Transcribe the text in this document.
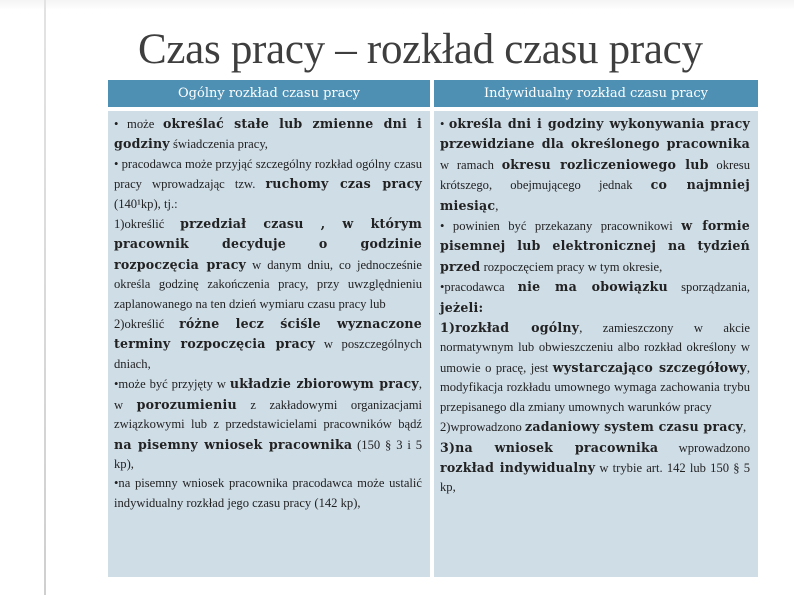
Czas pracy – rozkład czasu pracy
Ogólny rozkład czasu pracy	Indywidualny rozkład czasu pracy

• może określać stałe lub zmienne dni i godziny świadczenia pracy,

• pracodawca może przyjąć szczególny rozkład ogólny czasu pracy wprowadzając tzw. ruchomy czas pracy (140¹kp), tj.:

1)określić przedział czasu , w którym pracownik decyduje o godzinie rozpoczęcia pracy w danym dniu, co jednocześnie określa godzinę zakończenia pracy, przy uwzględnieniu zaplanowanego na ten dzień wymiaru czasu pracy lub

2)określić różne lecz ściśle wyznaczone terminy rozpoczęcia pracy w poszczególnych dniach,

•może być przyjęty w układzie zbiorowym pracy, w porozumieniu z zakładowymi organizacjami związkowymi lub z przedstawicielami pracowników bądź na pisemny wniosek pracownika (150 § 3 i 5 kp),

•na pisemny wniosek pracownika pracodawca może ustalić indywidualny rozkład jego czasu pracy (142 kp),

• określa dni i godziny wykonywania pracy przewidziane dla określonego pracownika w ramach okresu rozliczeniowego lub okresu krótszego, obejmującego jednak co najmniej miesiąc,

• powinien być przekazany pracownikowi w formie pisemnej lub elektronicznej na tydzień przed rozpoczęciem pracy w tym okresie,

•pracodawca nie ma obowiązku sporządzania, jeżeli:

1)rozkład ogólny, zamieszczony w akcie normatywnym lub obwieszczeniu albo rozkład określony w umowie o pracę, jest wystarczająco szczegółowy, modyfikacja rozkładu umownego wymaga zachowania trybu przepisanego dla zmiany umownych warunków pracy

2)wprowadzono zadaniowy system czasu pracy,

3)na wniosek pracownika wprowadzono rozkład indywidualny w trybie art. 142 lub 150 § 5 kp,
